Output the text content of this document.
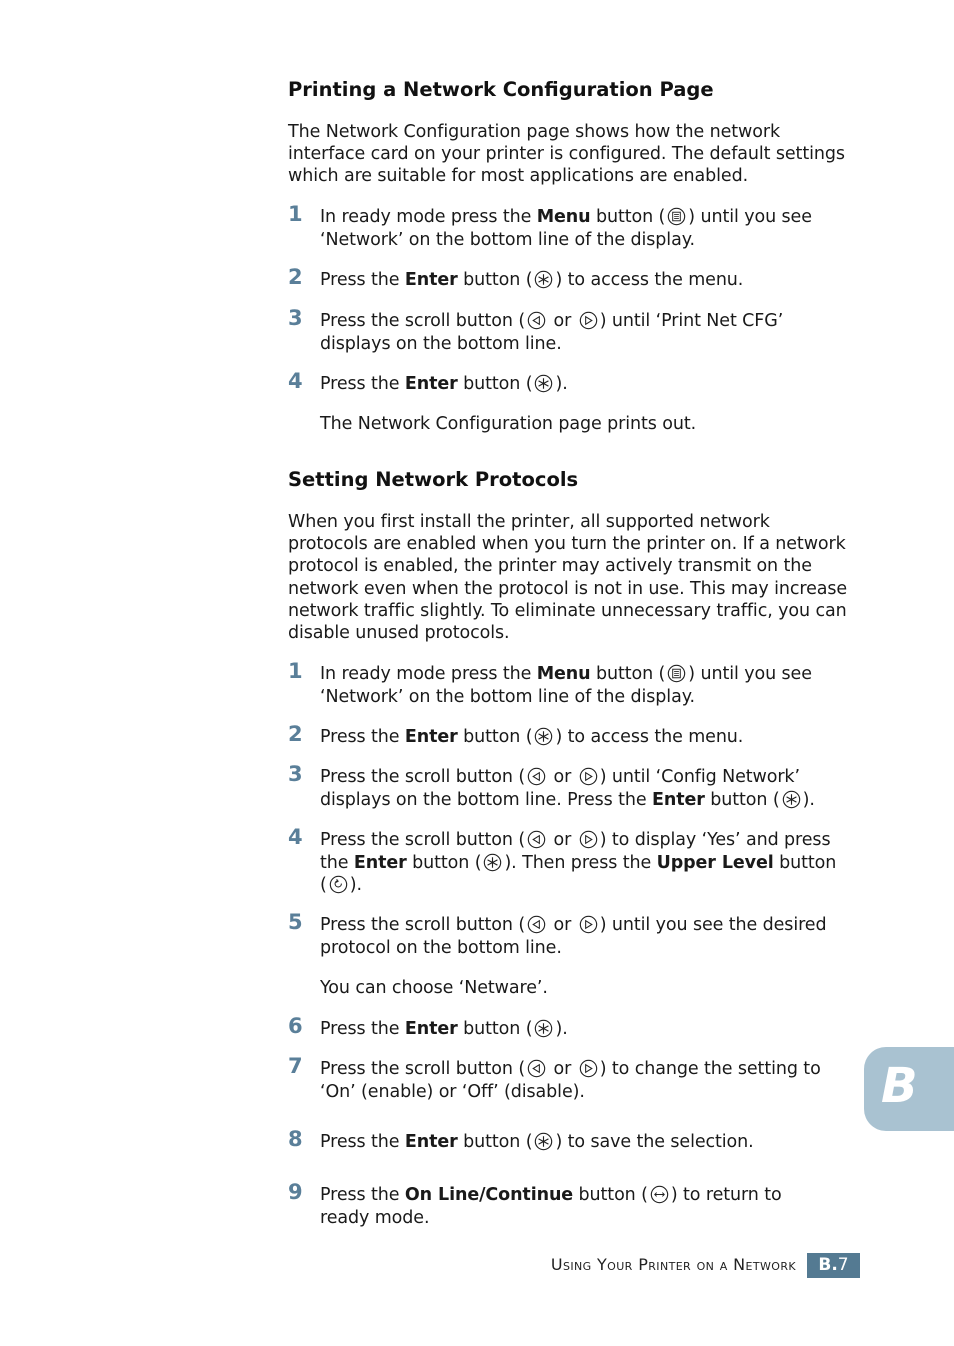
Printing a Network Configuration Page

The Network Configuration page shows how the network interface card on your printer is configured. The default settings which are suitable for most applications are enabled.

1 In ready mode press the Menu button ( ) until you see
‘Network’ on the bottom line of the display.
2 Press the Enter button ( ) to access the menu.
3 Press the scroll button ( or ) until ‘Print Net CFG’
displays on the bottom line.
4 Press the Enter button ( ).
The Network Configuration page prints out.
Setting Network Protocols

When you first install the printer, all supported network protocols are enabled when you turn the printer on. If a network protocol is enabled, the printer may actively transmit on the network even when the protocol is not in use. This may increase network traffic slightly. To eliminate unnecessary traffic, you can disable unused protocols.

1 In ready mode press the Menu button ( ) until you see
‘Network’ on the bottom line of the display.
2 Press the Enter button ( ) to access the menu.
3 Press the scroll button ( or ) until ‘Config Network’
displays on the bottom line. Press the Enter button ( ).
4 Press the scroll button ( or ) to display ‘Yes’ and press
the Enter button ( ). Then press the Upper Level button
( ).
5 Press the scroll button ( or ) until you see the desired
protocol on the bottom line.
You can choose ‘Netware’.
6 Press the Enter button ( ).
7 Press the scroll button ( or ) to change the setting to
‘On’ (enable) or ‘Off’ (disable).
8 Press the Enter button ( ) to save the selection.
9 Press the On Line/Continue button ( ) to return to
ready mode.
B
Using Your Printer on a Network	B.7
